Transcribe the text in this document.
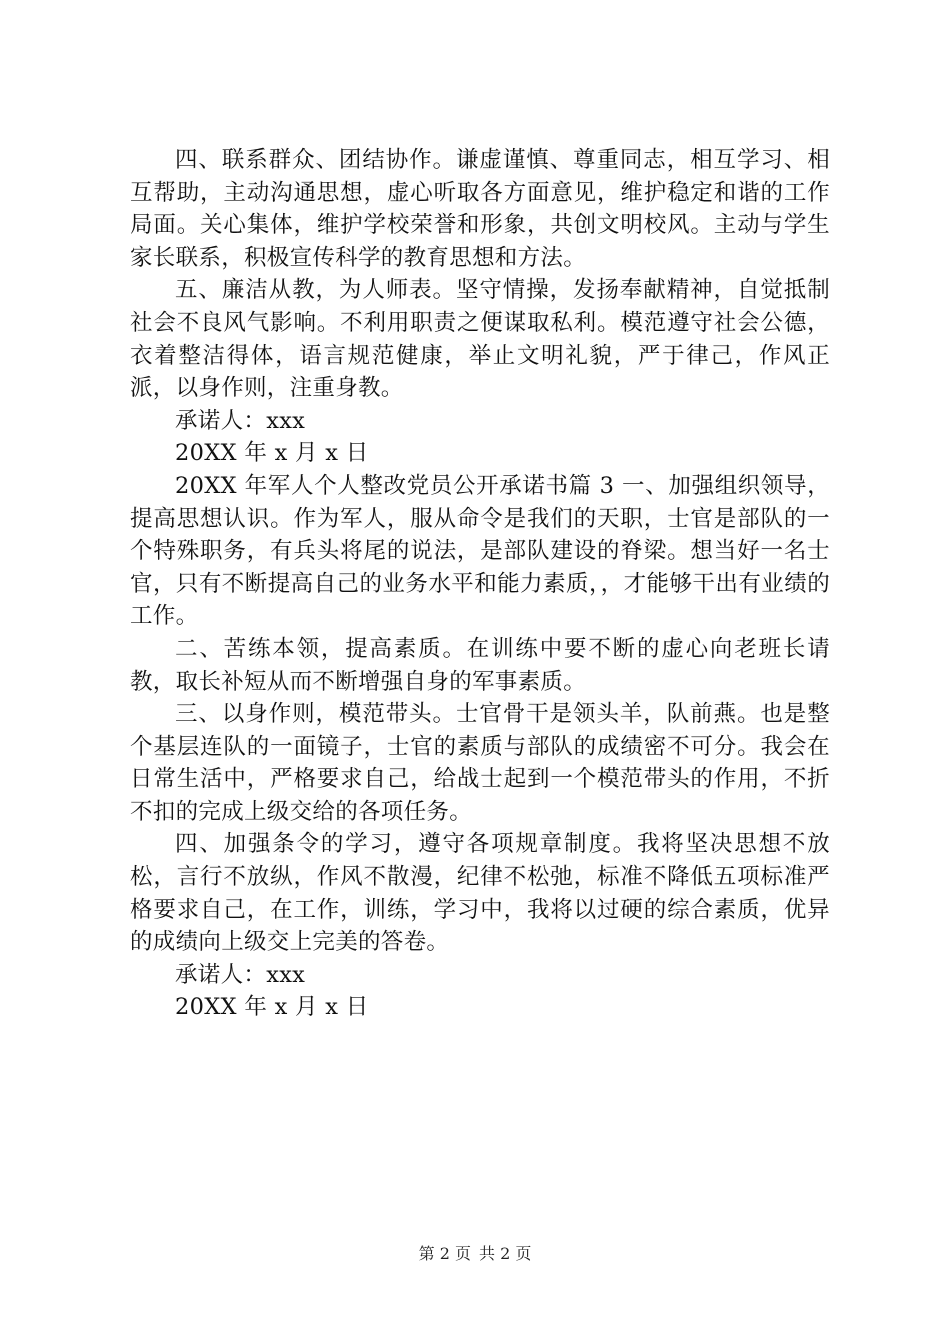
四、联系群众、团结协作。谦虚谨慎、尊重同志，相互学习、相互帮助，主动沟通思想，虚心听取各方面意见，维护稳定和谐的工作局面。关心集体，维护学校荣誉和形象，共创文明校风。主动与学生家长联系，积极宣传科学的教育思想和方法。

五、廉洁从教，为人师表。坚守情操，发扬奉献精神，自觉抵制社会不良风气影响。不利用职责之便谋取私利。模范遵守社会公德，衣着整洁得体，语言规范健康，举止文明礼貌，严于律己，作风正派，以身作则，注重身教。

承诺人：xxx

20XX 年 x 月 x 日

20XX 年军人个人整改党员公开承诺书篇 3 一、加强组织领导，提高思想认识。作为军人，服从命令是我们的天职，士官是部队的一个特殊职务，有兵头将尾的说法，是部队建设的脊梁。想当好一名士官，只有不断提高自己的业务水平和能力素质，，才能够干出有业绩的工作。

二、苦练本领，提高素质。在训练中要不断的虚心向老班长请教，取长补短从而不断增强自身的军事素质。

三、以身作则，模范带头。士官骨干是领头羊，队前燕。也是整个基层连队的一面镜子，士官的素质与部队的成绩密不可分。我会在日常生活中，严格要求自己，给战士起到一个模范带头的作用，不折不扣的完成上级交给的各项任务。

四、加强条令的学习，遵守各项规章制度。我将坚决思想不放松，言行不放纵，作风不散漫，纪律不松弛，标准不降低五项标准严格要求自己，在工作，训练，学习中，我将以过硬的综合素质，优异的成绩向上级交上完美的答卷。

承诺人：xxx

20XX 年 x 月 x 日

第 2 页 共 2 页
